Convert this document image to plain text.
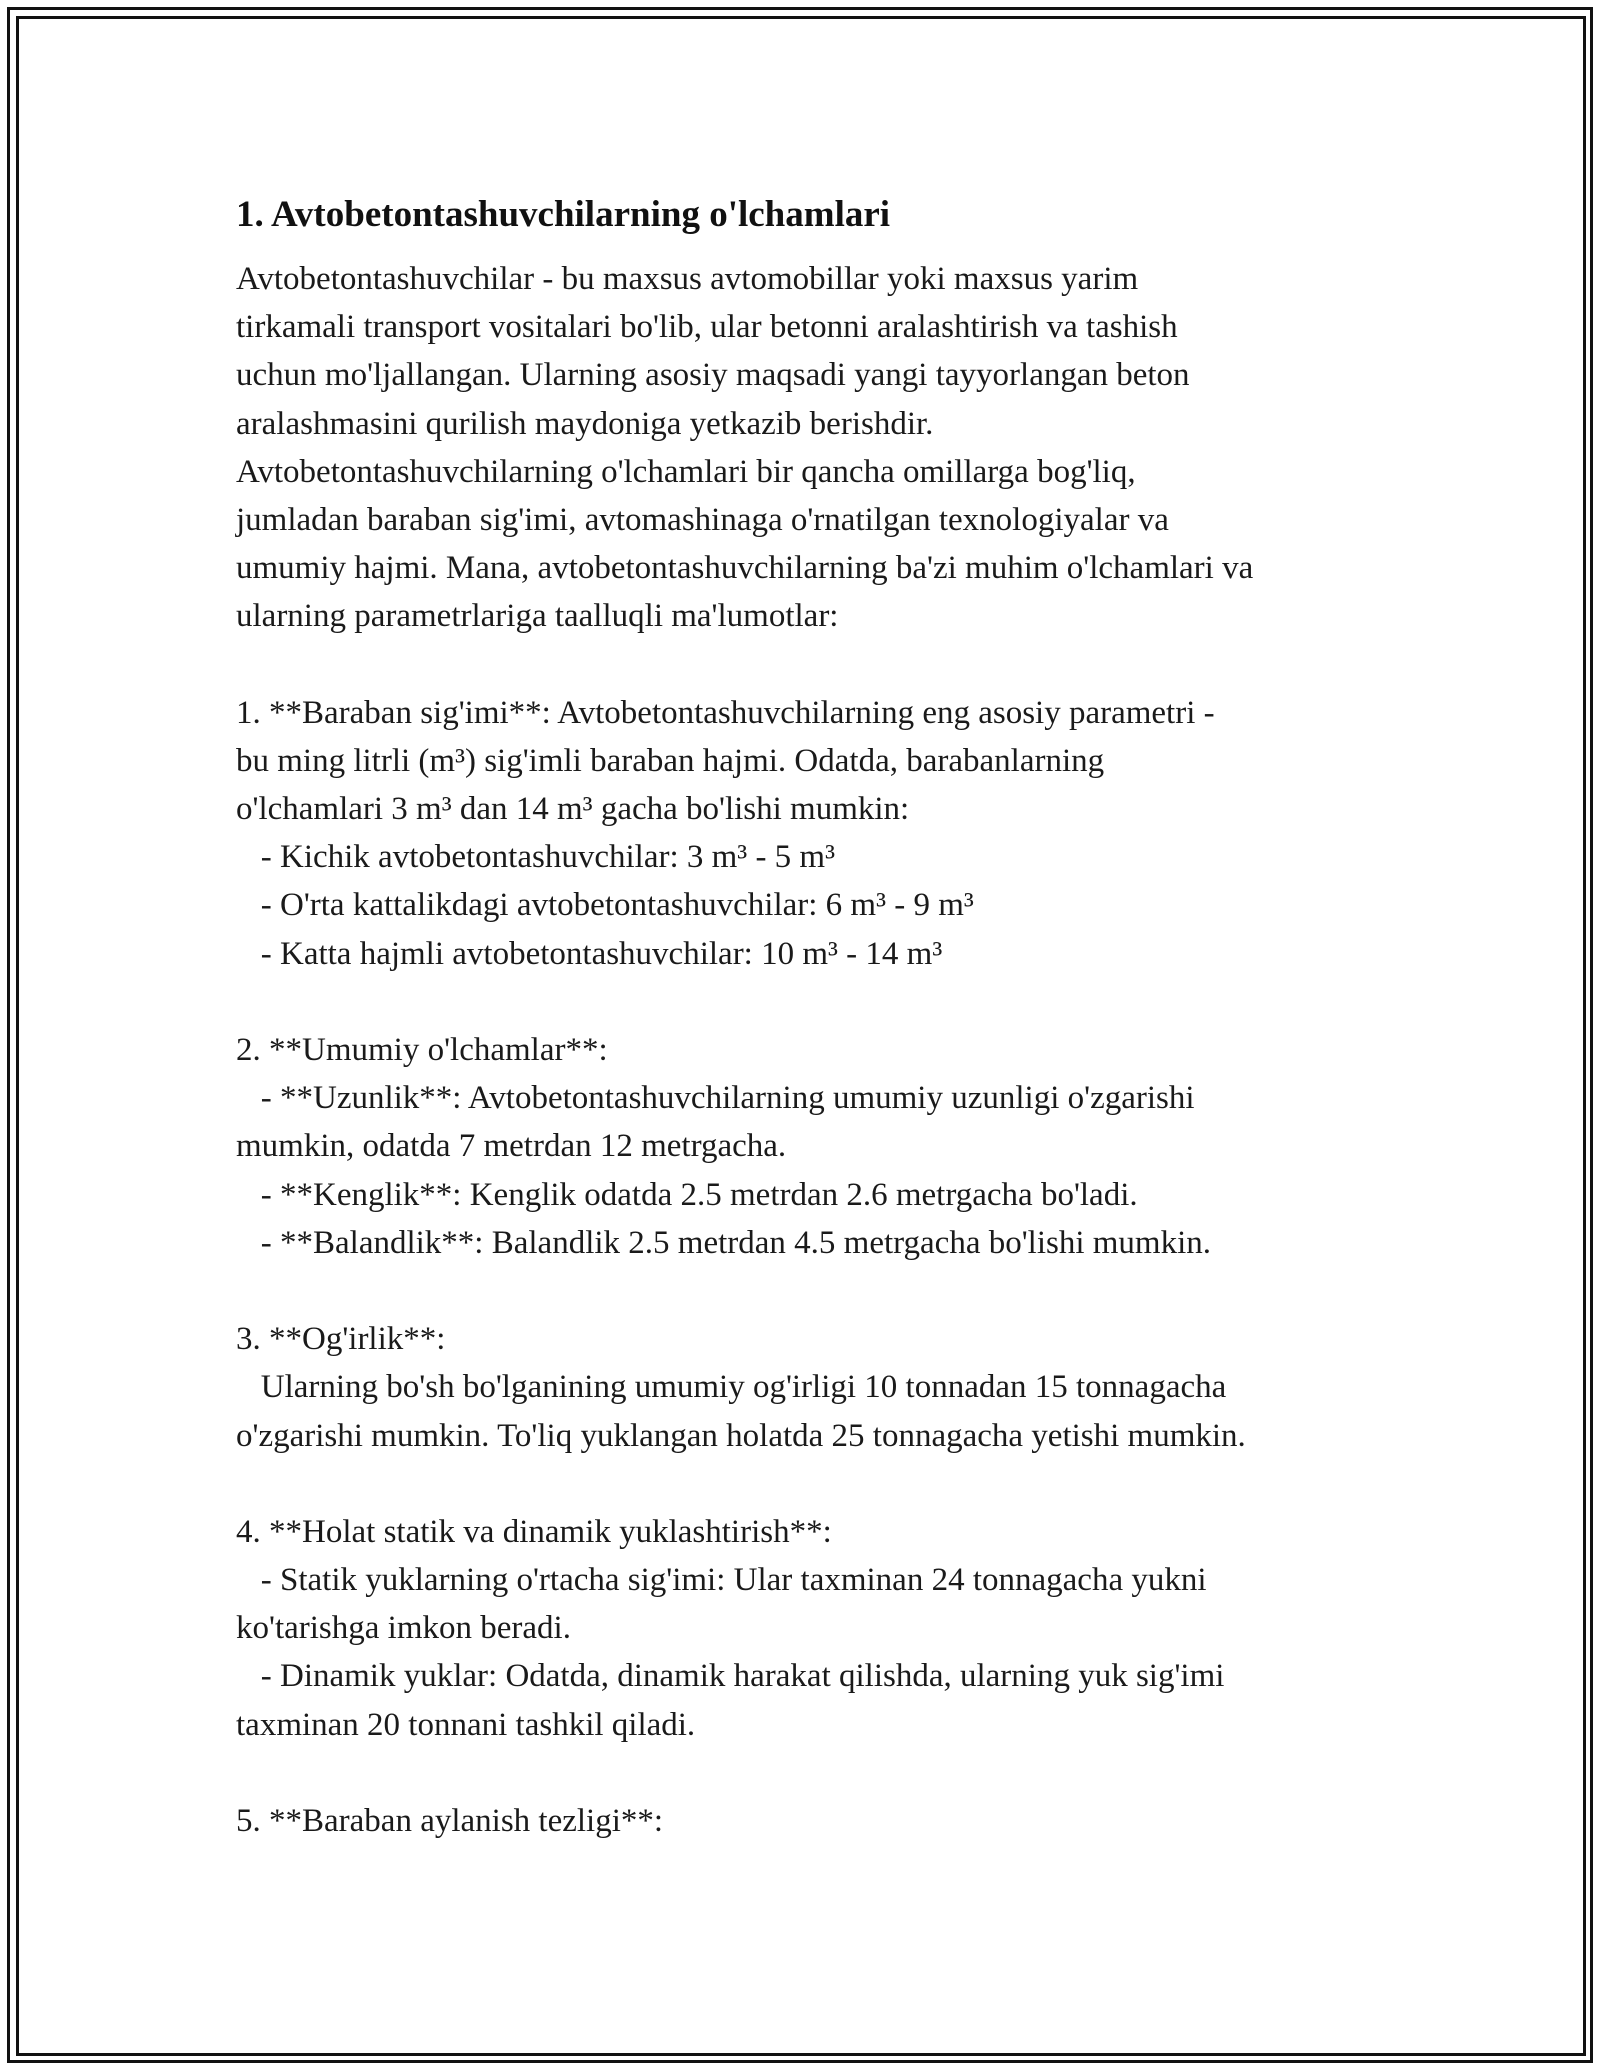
1. Avtobetontashuvchilarning o'lchamlari

Avtobetontashuvchilar - bu maxsus avtomobillar yoki maxsus yarim

tirkamali transport vositalari bo'lib, ular betonni aralashtirish va tashish

uchun mo'ljallangan. Ularning asosiy maqsadi yangi tayyorlangan beton

aralashmasini qurilish maydoniga yetkazib berishdir.

Avtobetontashuvchilarning o'lchamlari bir qancha omillarga bog'liq,

jumladan baraban sig'imi, avtomashinaga o'rnatilgan texnologiyalar va

umumiy hajmi. Mana, avtobetontashuvchilarning ba'zi muhim o'lchamlari va

ularning parametrlariga taalluqli ma'lumotlar:

1. **Baraban sig'imi**: Avtobetontashuvchilarning eng asosiy parametri -

bu ming litrli (m³) sig'imli baraban hajmi. Odatda, barabanlarning

o'lchamlari 3 m³ dan 14 m³ gacha bo'lishi mumkin:

- Kichik avtobetontashuvchilar: 3 m³ - 5 m³

- O'rta kattalikdagi avtobetontashuvchilar: 6 m³ - 9 m³

- Katta hajmli avtobetontashuvchilar: 10 m³ - 14 m³

2. **Umumiy o'lchamlar**:

- **Uzunlik**: Avtobetontashuvchilarning umumiy uzunligi o'zgarishi

mumkin, odatda 7 metrdan 12 metrgacha.

- **Kenglik**: Kenglik odatda 2.5 metrdan 2.6 metrgacha bo'ladi.

- **Balandlik**: Balandlik 2.5 metrdan 4.5 metrgacha bo'lishi mumkin.

3. **Og'irlik**:

Ularning bo'sh bo'lganining umumiy og'irligi 10 tonnadan 15 tonnagacha

o'zgarishi mumkin. To'liq yuklangan holatda 25 tonnagacha yetishi mumkin.

4. **Holat statik va dinamik yuklashtirish**:

- Statik yuklarning o'rtacha sig'imi: Ular taxminan 24 tonnagacha yukni

ko'tarishga imkon beradi.

- Dinamik yuklar: Odatda, dinamik harakat qilishda, ularning yuk sig'imi

taxminan 20 tonnani tashkil qiladi.

5. **Baraban aylanish tezligi**:
